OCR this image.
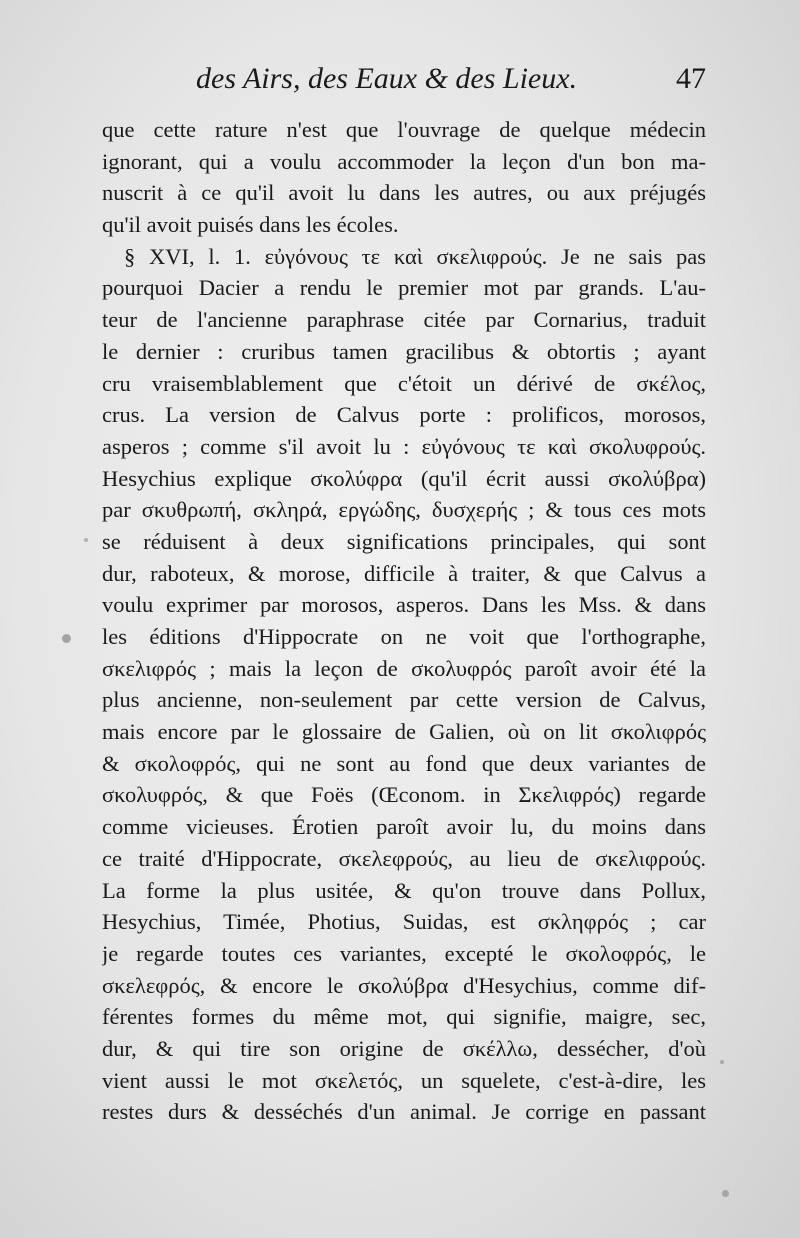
des Airs, des Eaux & des Lieux.	47
que cette rature n'est que l'ouvrage de quelque médecin
ignorant, qui a voulu accommoder la leçon d'un bon ma-
nuscrit à ce qu'il avoit lu dans les autres, ou aux préjugés
qu'il avoit puisés dans les écoles.
§ XVI, l. 1. εὐγόνους τε καὶ σκελιφρούς. Je ne sais pas
pourquoi Dacier a rendu le premier mot par grands. L'au-
teur de l'ancienne paraphrase citée par Cornarius, traduit
le dernier : cruribus tamen gracilibus & obtortis ; ayant
cru vraisemblablement que c'étoit un dérivé de σκέλος,
crus. La version de Calvus porte : prolificos, morosos,
asperos ; comme s'il avoit lu : εὐγόνους τε καὶ σκολυφρούς.
Hesychius explique σκολύφρα (qu'il écrit aussi σκολύβρα)
par σκυθρωπή, σκληρά, εργώδης, δυσχερής ; & tous ces mots
se réduisent à deux significations principales, qui sont
dur, raboteux, & morose, difficile à traiter, & que Calvus a
voulu exprimer par morosos, asperos. Dans les Mss. & dans
les éditions d'Hippocrate on ne voit que l'orthographe,
σκελιφρός ; mais la leçon de σκολυφρός paroît avoir été la
plus ancienne, non-seulement par cette version de Calvus,
mais encore par le glossaire de Galien, où on lit σκολιφρός
& σκολοφρός, qui ne sont au fond que deux variantes de
σκολυφρός, & que Foës (Œconom. in Σκελιφρός) regarde
comme vicieuses. Érotien paroît avoir lu, du moins dans
ce traité d'Hippocrate, σκελεφρούς, au lieu de σκελιφρούς.
La forme la plus usitée, & qu'on trouve dans Pollux,
Hesychius, Timée, Photius, Suidas, est σκληφρός ; car
je regarde toutes ces variantes, excepté le σκολοφρός, le
σκελεφρός, & encore le σκολύβρα d'Hesychius, comme dif-
férentes formes du même mot, qui signifie, maigre, sec,
dur, & qui tire son origine de σκέλλω, dessécher, d'où
vient aussi le mot σκελετός, un squelete, c'est-à-dire, les
restes durs & desséchés d'un animal. Je corrige en passant
